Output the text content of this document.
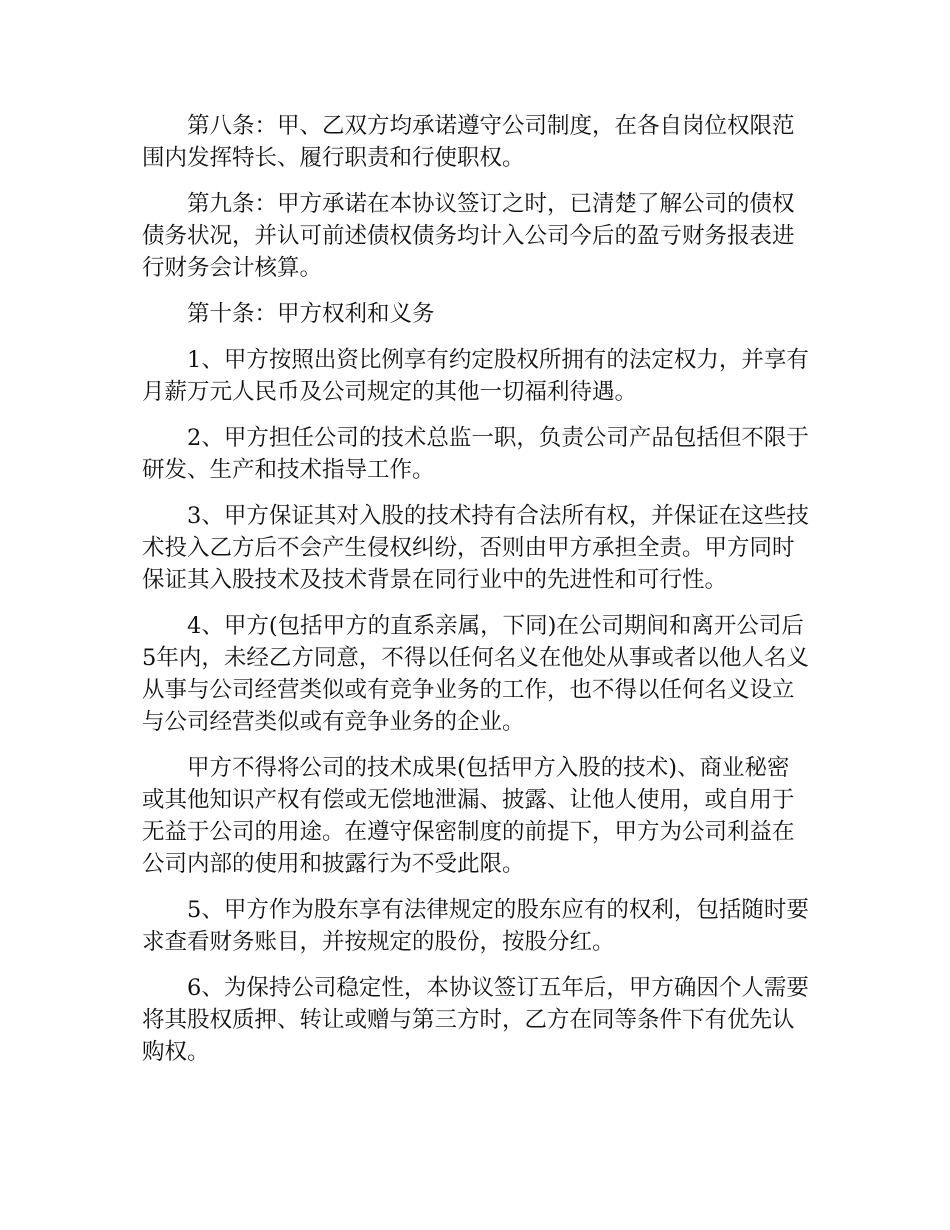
第八条：甲、乙双方均承诺遵守公司制度，在各自岗位权限范围内发挥特长、履行职责和行使职权。

第九条：甲方承诺在本协议签订之时，已清楚了解公司的债权债务状况，并认可前述债权债务均计入公司今后的盈亏财务报表进行财务会计核算。

第十条：甲方权利和义务

1、甲方按照出资比例享有约定股权所拥有的法定权力，并享有月薪万元人民币及公司规定的其他一切福利待遇。

2、甲方担任公司的技术总监一职，负责公司产品包括但不限于研发、生产和技术指导工作。

3、甲方保证其对入股的技术持有合法所有权，并保证在这些技术投入乙方后不会产生侵权纠纷，否则由甲方承担全责。甲方同时保证其入股技术及技术背景在同行业中的先进性和可行性。

4、甲方(包括甲方的直系亲属，下同)在公司期间和离开公司后5年内，未经乙方同意，不得以任何名义在他处从事或者以他人名义从事与公司经营类似或有竞争业务的工作，也不得以任何名义设立与公司经营类似或有竞争业务的企业。

甲方不得将公司的技术成果(包括甲方入股的技术)、商业秘密或其他知识产权有偿或无偿地泄漏、披露、让他人使用，或自用于无益于公司的用途。在遵守保密制度的前提下，甲方为公司利益在公司内部的使用和披露行为不受此限。

5、甲方作为股东享有法律规定的股东应有的权利，包括随时要求查看财务账目，并按规定的股份，按股分红。

6、为保持公司稳定性，本协议签订五年后，甲方确因个人需要将其股权质押、转让或赠与第三方时，乙方在同等条件下有优先认购权。
